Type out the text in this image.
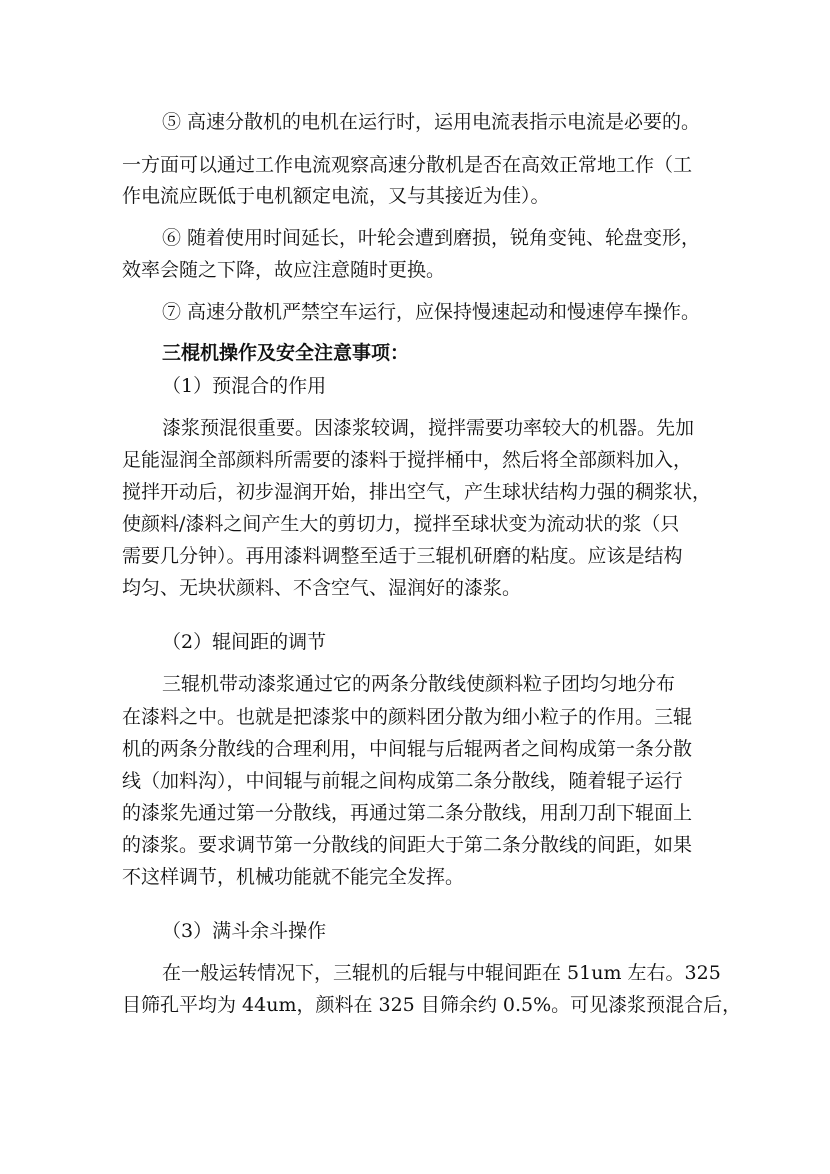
⑤ 高速分散机的电机在运行时，运用电流表指示电流是必要的。
一方面可以通过工作电流观察高速分散机是否在高效正常地工作（工
作电流应既低于电机额定电流，又与其接近为佳）。
⑥ 随着使用时间延长，叶轮会遭到磨损，锐角变钝、轮盘变形，
效率会随之下降，故应注意随时更换。
⑦ 高速分散机严禁空车运行，应保持慢速起动和慢速停车操作。
三棍机操作及安全注意事项：
（1）预混合的作用
漆浆预混很重要。因漆浆较调，搅拌需要功率较大的机器。先加
足能湿润全部颜料所需要的漆料于搅拌桶中，然后将全部颜料加入，
搅拌开动后，初步湿润开始，排出空气，产生球状结构力强的稠浆状，
使颜料/漆料之间产生大的剪切力，搅拌至球状变为流动状的浆（只
需要几分钟）。再用漆料调整至适于三辊机研磨的粘度。应该是结构
均匀、无块状颜料、不含空气、湿润好的漆浆。
（2）辊间距的调节
三辊机带动漆浆通过它的两条分散线使颜料粒子团均匀地分布
在漆料之中。也就是把漆浆中的颜料团分散为细小粒子的作用。三辊
机的两条分散线的合理利用，中间辊与后辊两者之间构成第一条分散
线（加料沟），中间辊与前辊之间构成第二条分散线，随着辊子运行
的漆浆先通过第一分散线，再通过第二条分散线，用刮刀刮下辊面上
的漆浆。要求调节第一分散线的间距大于第二条分散线的间距，如果
不这样调节，机械功能就不能完全发挥。
（3）满斗余斗操作
在一般运转情况下，三辊机的后辊与中辊间距在 51um 左右。325
目筛孔平均为 44um，颜料在 325 目筛余约 0.5%。可见漆浆预混合后，
